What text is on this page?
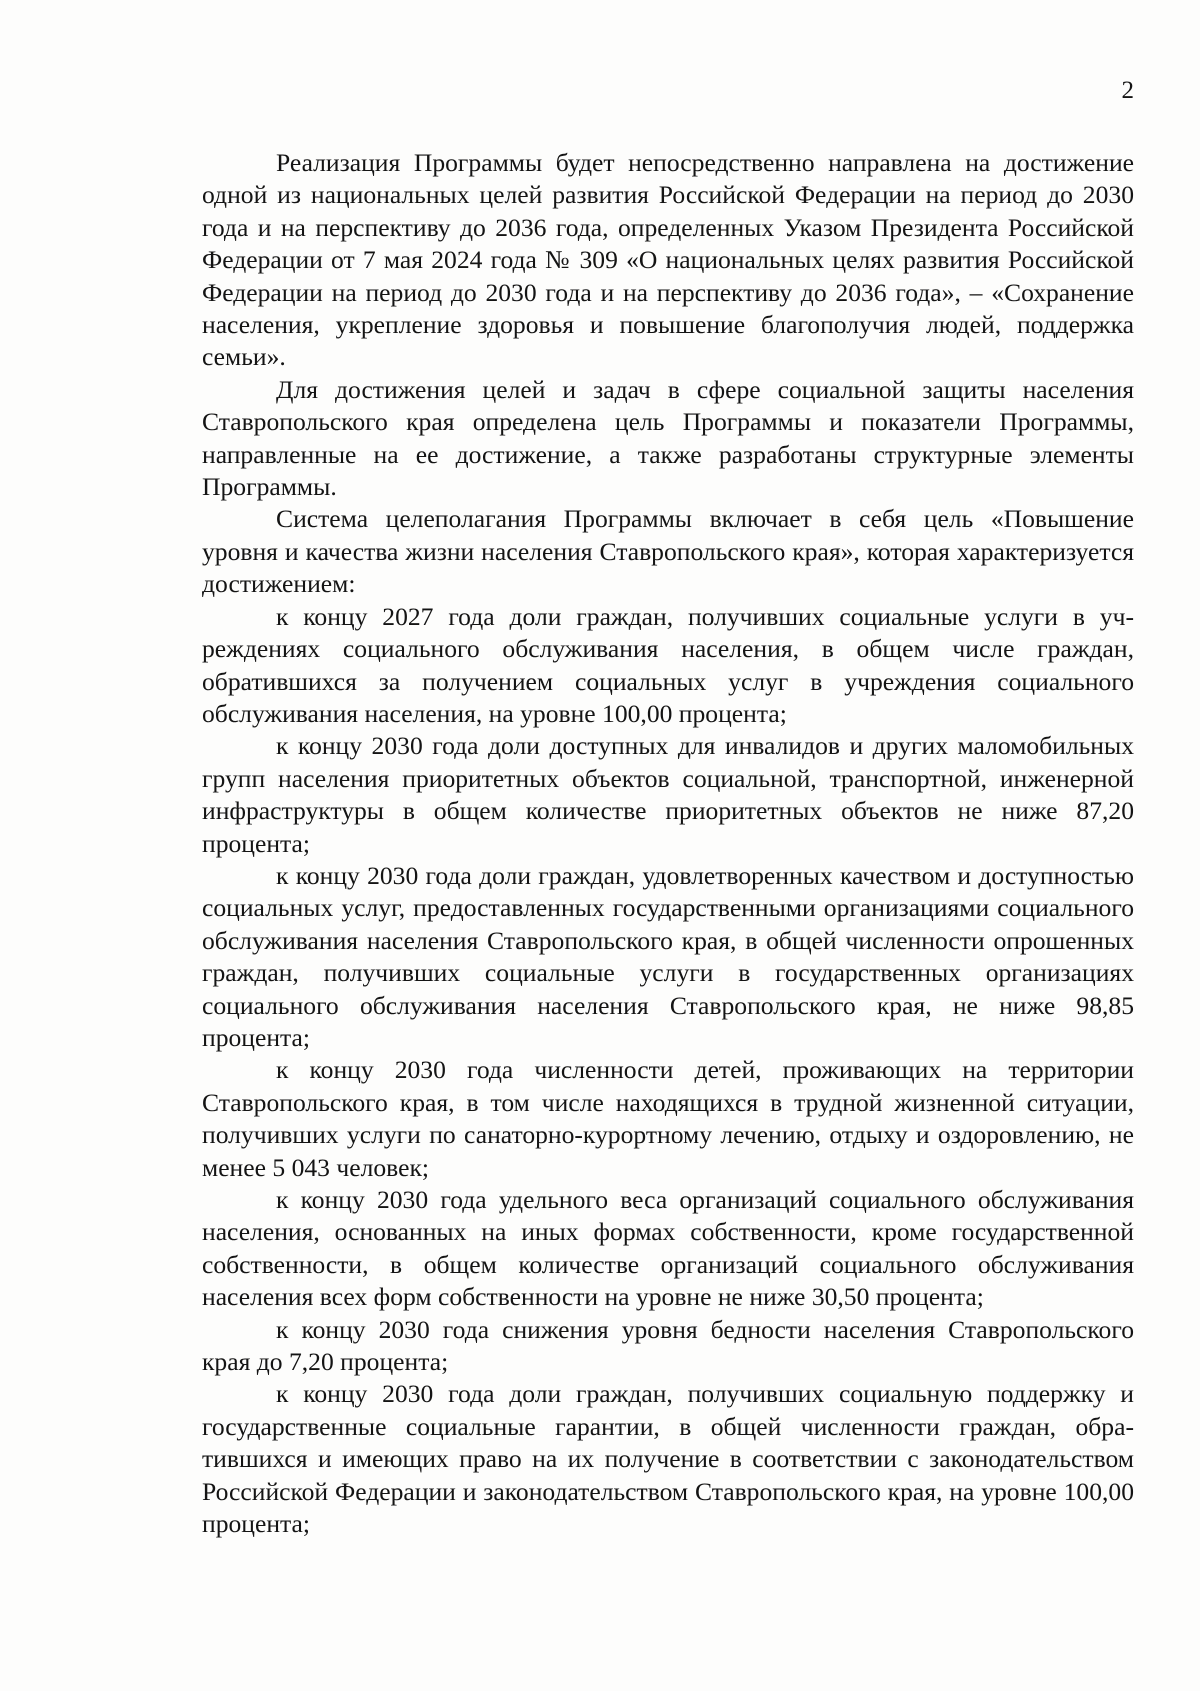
2

Реализация Программы будет непосредственно направлена на достижение одной из национальных целей развития Российской Федерации на период до 2030 года и на перспективу до 2036 года, определенных Указом Президента Российской Федерации от 7 мая 2024 года № 309 «О национальных целях развития Российской Федерации на период до 2030 года и на перспективу до 2036 года», – «Сохранение населения, укрепление здоровья и повышение благополучия людей, поддержка семьи».

Для достижения целей и задач в сфере социальной защиты населения Ставропольского края определена цель Программы и показатели Программы, направленные на ее достижение, а также разработаны структурные элементы Программы.

Система целеполагания Программы включает в себя цель «Повышение уровня и качества жизни населения Ставропольского края», которая характеризуется достижением:

к концу 2027 года доли граждан, получивших социальные услуги в учреждениях социального обслуживания населения, в общем числе граждан, обратившихся за получением социальных услуг в учреждения социального обслуживания населения, на уровне 100,00 процента;

к концу 2030 года доли доступных для инвалидов и других маломобильных групп населения приоритетных объектов социальной, транспортной, инженерной инфраструктуры в общем количестве приоритетных объектов не ниже 87,20 процента;

к концу 2030 года доли граждан, удовлетворенных качеством и доступностью социальных услуг, предоставленных государственными организациями социального обслуживания населения Ставропольского края, в общей численности опрошенных граждан, получивших социальные услуги в государственных организациях социального обслуживания населения Ставропольского края, не ниже 98,85 процента;

к концу 2030 года численности детей, проживающих на территории Ставропольского края, в том числе находящихся в трудной жизненной ситуации, получивших услуги по санаторно-курортному лечению, отдыху и оздоровлению, не менее 5 043 человек;

к концу 2030 года удельного веса организаций социального обслуживания населения, основанных на иных формах собственности, кроме государственной собственности, в общем количестве организаций социального обслуживания населения всех форм собственности на уровне не ниже 30,50 процента;

к концу 2030 года снижения уровня бедности населения Ставропольского края до 7,20 процента;

к концу 2030 года доли граждан, получивших социальную поддержку и государственные социальные гарантии, в общей численности граждан, обратившихся и имеющих право на их получение в соответствии с законодательством Российской Федерации и законодательством Ставропольского края, на уровне 100,00 процента;
